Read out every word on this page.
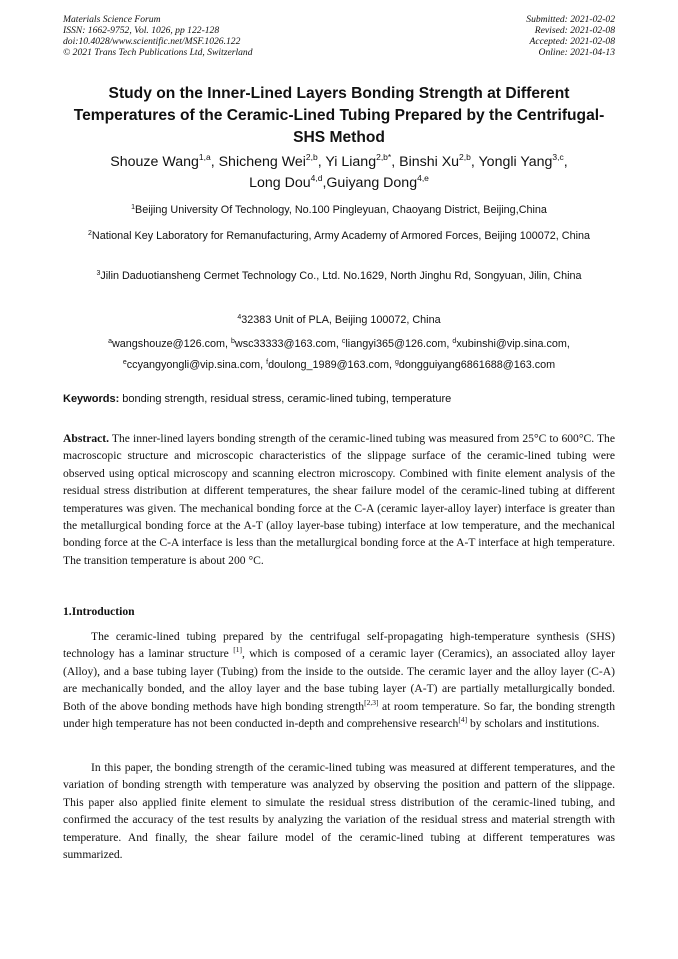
Materials Science Forum
ISSN: 1662-9752, Vol. 1026, pp 122-128
doi:10.4028/www.scientific.net/MSF.1026.122
© 2021 Trans Tech Publications Ltd, Switzerland
Submitted: 2021-02-02
Revised: 2021-02-08
Accepted: 2021-02-08
Online: 2021-04-13
Study on the Inner-Lined Layers Bonding Strength at Different Temperatures of the Ceramic-Lined Tubing Prepared by the Centrifugal-SHS Method
Shouze Wang$^{1,a}$, Shicheng Wei$^{2,b}$, Yi Liang$^{2,b*}$, Binshi Xu$^{2,b}$, Yongli Yang$^{3,c}$,
Long Dou$^{4,d}$,Guiyang Dong$^{4,e}$
$^1$Beijing University Of Technology, No.100 Pingleyuan, Chaoyang District, Beijing,China
$^2$National Key Laboratory for Remanufacturing, Army Academy of Armored Forces, Beijing 100072, China
$^3$Jilin Daduotiansheng Cermet Technology Co., Ltd. No.1629, North Jinghu Rd, Songyuan, Jilin, China
$^4$32383 Unit of PLA, Beijing 100072, China
$^a$wangshouze@126.com, $^b$wsc33333@163.com, $^c$liangyi365@126.com, $^d$xubinshi@vip.sina.com,
$^e$ccyangyongli@vip.sina.com, $^f$doulong_1989@163.com, $^g$dongguiyang6861688@163.com
Keywords: bonding strength, residual stress, ceramic-lined tubing, temperature
Abstract. The inner-lined layers bonding strength of the ceramic-lined tubing was measured from 25°C to 600°C. The macroscopic structure and microscopic characteristics of the slippage surface of the ceramic-lined tubing were observed using optical microscopy and scanning electron microscopy. Combined with finite element analysis of the residual stress distribution at different temperatures, the shear failure model of the ceramic-lined tubing at different temperatures was given. The mechanical bonding force at the C-A (ceramic layer-alloy layer) interface is greater than the metallurgical bonding force at the A-T (alloy layer-base tubing) interface at low temperature, and the mechanical bonding force at the C-A interface is less than the metallurgical bonding force at the A-T interface at high temperature. The transition temperature is about 200 °C.
1.Introduction
The ceramic-lined tubing prepared by the centrifugal self-propagating high-temperature synthesis (SHS) technology has a laminar structure [1], which is composed of a ceramic layer (Ceramics), an associated alloy layer (Alloy), and a base tubing layer (Tubing) from the inside to the outside. The ceramic layer and the alloy layer (C-A) are mechanically bonded, and the alloy layer and the base tubing layer (A-T) are partially metallurgically bonded. Both of the above bonding methods have high bonding strength[2,3] at room temperature. So far, the bonding strength under high temperature has not been conducted in-depth and comprehensive research[4] by scholars and institutions.
In this paper, the bonding strength of the ceramic-lined tubing was measured at different temperatures, and the variation of bonding strength with temperature was analyzed by observing the position and pattern of the slippage. This paper also applied finite element to simulate the residual stress distribution of the ceramic-lined tubing, and confirmed the accuracy of the test results by analyzing the variation of the residual stress and material strength with temperature. And finally, the shear failure model of the ceramic-lined tubing at different temperatures was summarized.
